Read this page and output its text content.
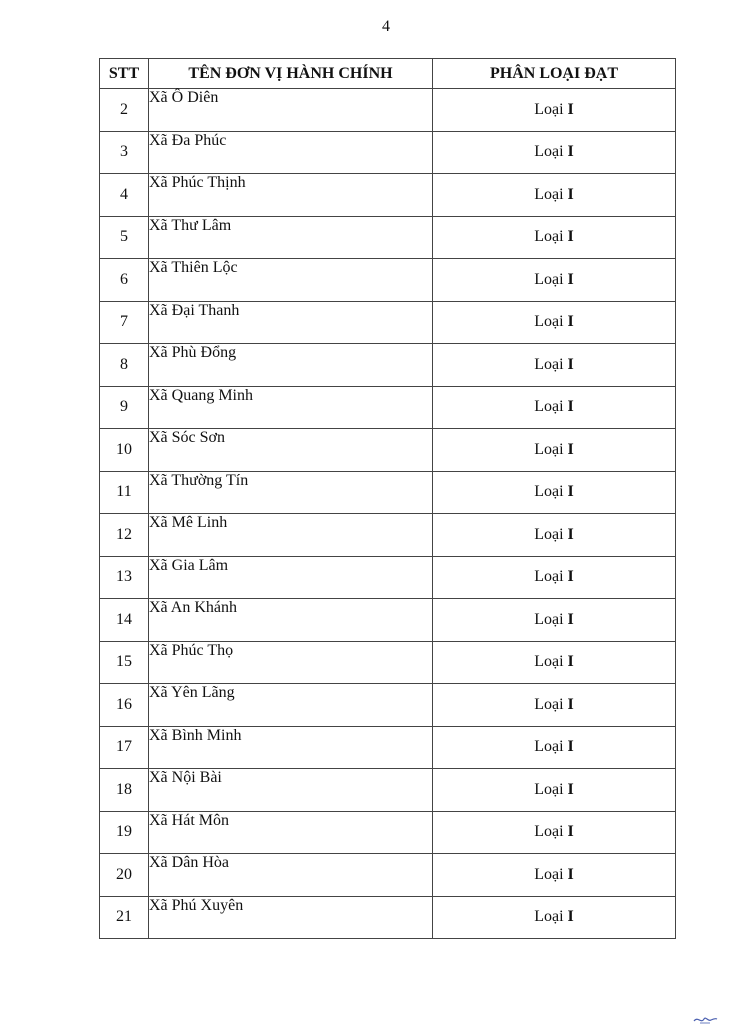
4
STT	TÊN ĐƠN VỊ HÀNH CHÍNH	PHÂN LOẠI ĐẠT
2	Xã Ô Diên	Loại I
3	Xã Đa Phúc	Loại I
4	Xã Phúc Thịnh	Loại I
5	Xã Thư Lâm	Loại I
6	Xã Thiên Lộc	Loại I
7	Xã Đại Thanh	Loại I
8	Xã Phù Đổng	Loại I
9	Xã Quang Minh	Loại I
10	Xã Sóc Sơn	Loại I
11	Xã Thường Tín	Loại I
12	Xã Mê Linh	Loại I
13	Xã Gia Lâm	Loại I
14	Xã An Khánh	Loại I
15	Xã Phúc Thọ	Loại I
16	Xã Yên Lãng	Loại I
17	Xã Bình Minh	Loại I
18	Xã Nội Bài	Loại I
19	Xã Hát Môn	Loại I
20	Xã Dân Hòa	Loại I
21	Xã Phú Xuyên	Loại I
